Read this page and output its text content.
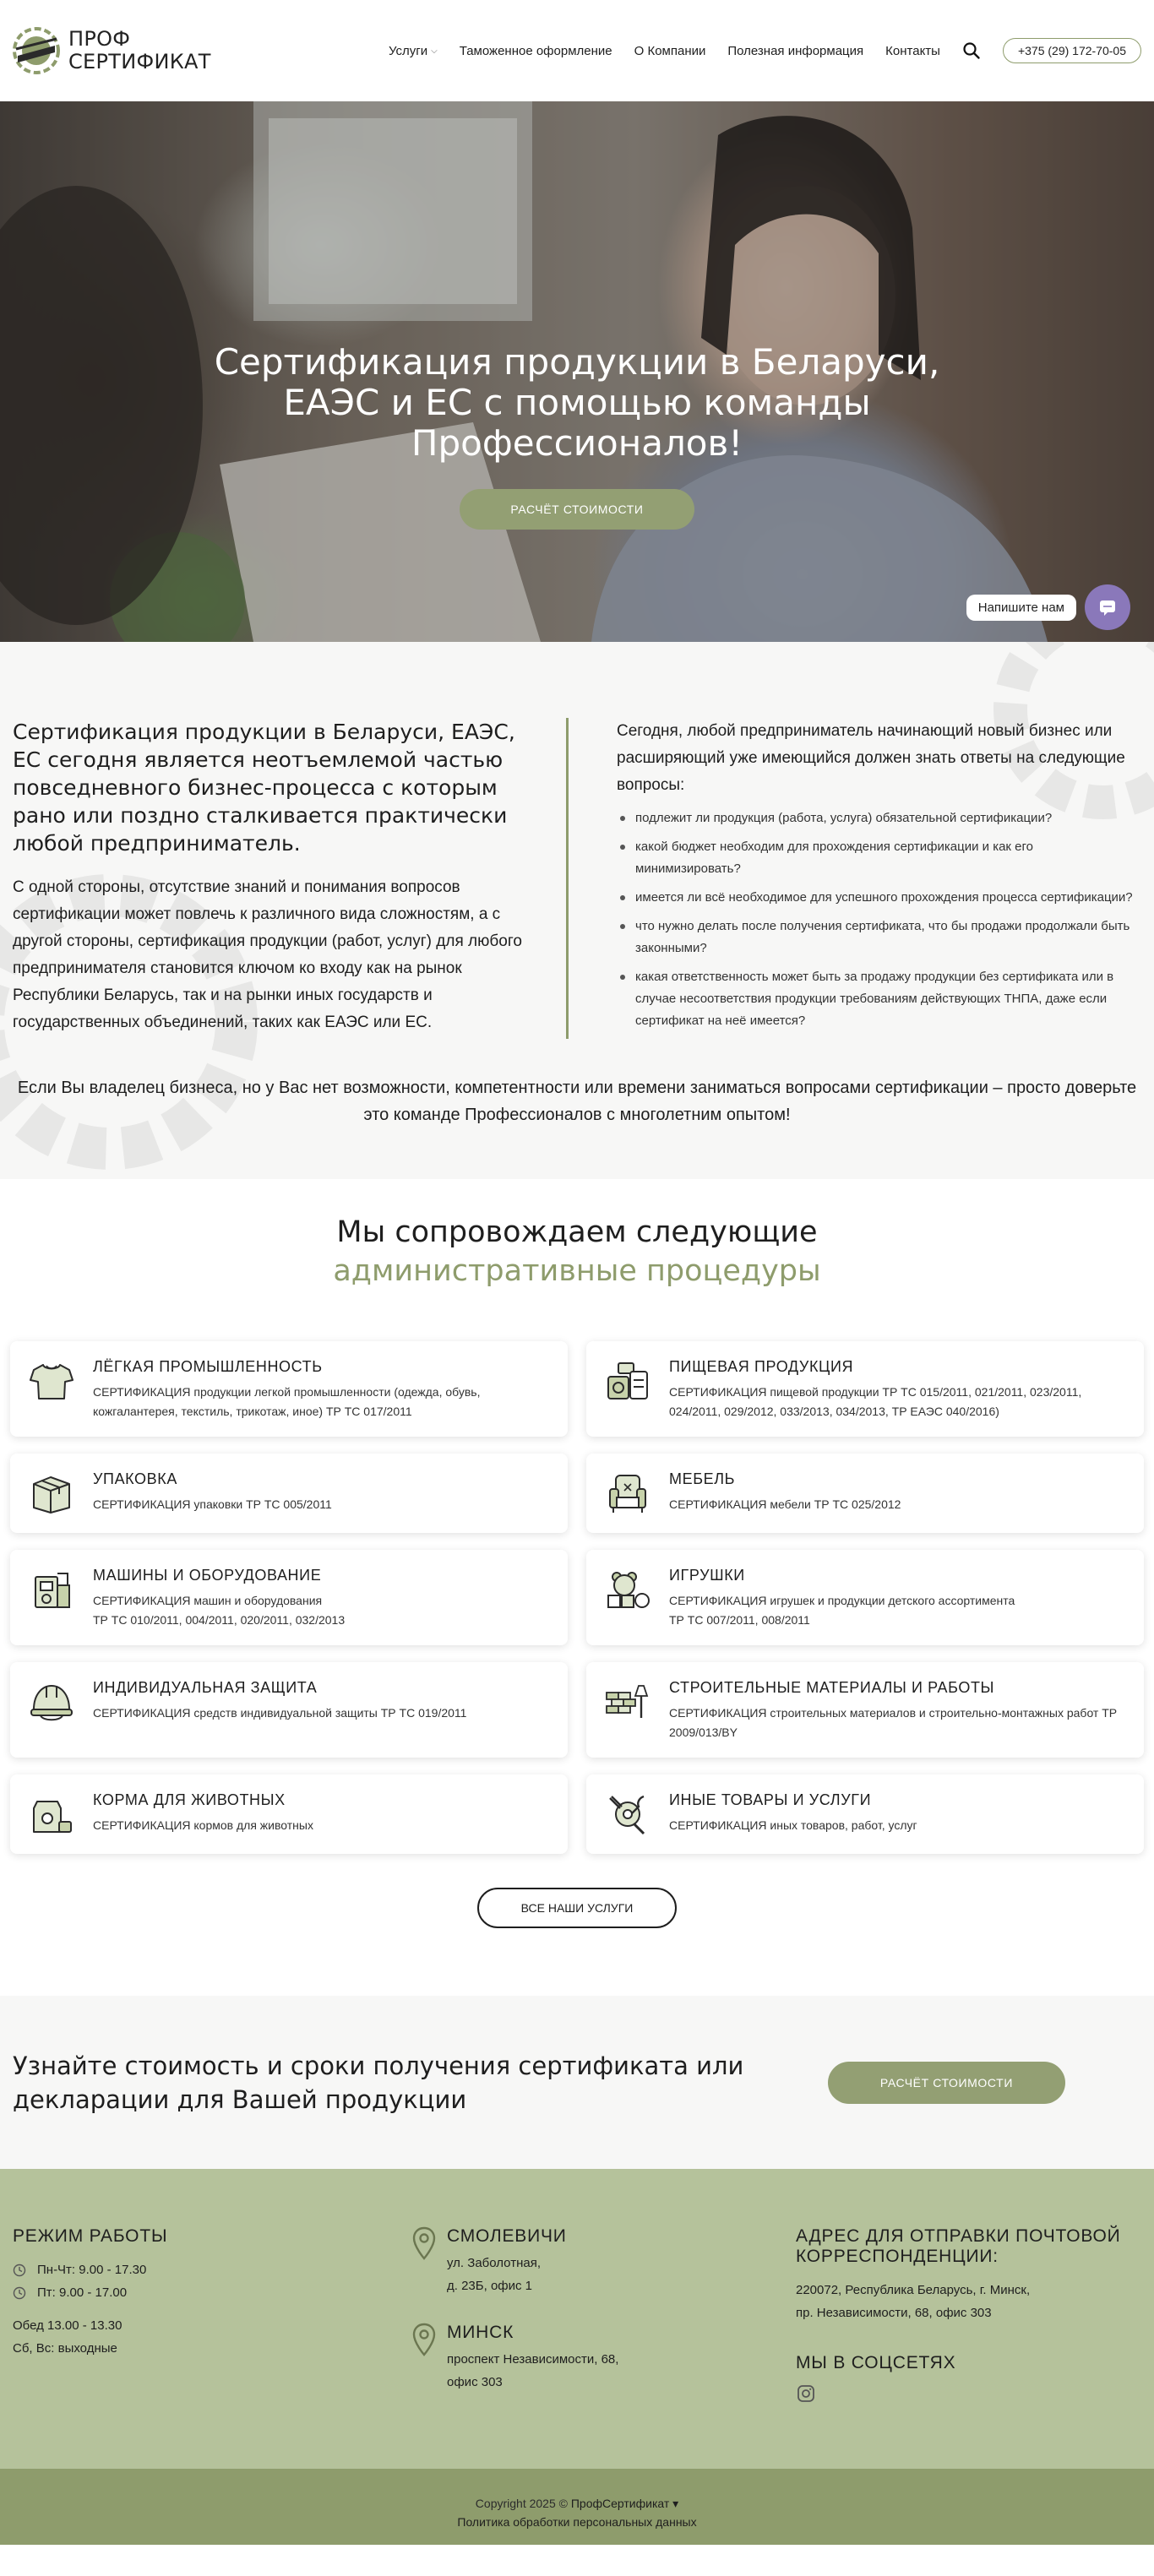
ПРОФ
СЕРТИФИКАТ	Услуги ⌵ Таможенное оформление О Компании Полезная информация Контакты	+375 (29) 172-70-05
Сертификация продукции в Беларуси, ЕАЭС и ЕС с помощью команды Профессионалов!
РАСЧЁТ СТОИМОСТИ
Напишите нам
Сертификация продукции в Беларуси, ЕАЭС, ЕС сегодня является неотъемлемой частью повседневного бизнес-процесса с которым рано или поздно сталкивается практически любой предприниматель.

С одной стороны, отсутствие знаний и понимания вопросов сертификации может повлечь к различного вида сложностям, а с другой стороны, сертификация продукции (работ, услуг) для любого предпринимателя становится ключом ко входу как на рынок Республики Беларусь, так и на рынки иных государств и государственных объединений, таких как ЕАЭС или ЕС.

Сегодня, любой предприниматель начинающий новый бизнес или расширяющий уже имеющийся должен знать ответы на следующие вопросы:

подлежит ли продукция (работа, услуга) обязательной сертификации?
какой бюджет необходим для прохождения сертификации и как его минимизировать?
имеется ли всё необходимое для успешного прохождения процесса сертификации?
что нужно делать после получения сертификата, что бы продажи продолжали быть законными?
какая ответственность может быть за продажу продукции без сертификата или в случае несоответствия продукции требованиям действующих ТНПА, даже если сертификат на неё имеется?

Если Вы владелец бизнеса, но у Вас нет возможности, компетентности или времени заниматься вопросами сертификации – просто доверьте это команде Профессионалов с многолетним опытом!

Мы сопровождаем следующие
административные процедуры
ЛЁГКАЯ ПРОМЫШЛЕННОСТЬ
СЕРТИФИКАЦИЯ продукции легкой промышленности (одежда, обувь, кожгалантерея, текстиль, трикотаж, иное) ТР ТС 017/2011
ПИЩЕВАЯ ПРОДУКЦИЯ
СЕРТИФИКАЦИЯ пищевой продукции ТР ТС 015/2011, 021/2011, 023/2011, 024/2011, 029/2012, 033/2013, 034/2013, ТР ЕАЭС 040/2016)
УПАКОВКА
СЕРТИФИКАЦИЯ упаковки ТР ТС 005/2011
МЕБЕЛЬ
СЕРТИФИКАЦИЯ мебели ТР ТС 025/2012
МАШИНЫ И ОБОРУДОВАНИЕ
СЕРТИФИКАЦИЯ машин и оборудования
ТР ТС 010/2011, 004/2011, 020/2011, 032/2013
ИГРУШКИ
СЕРТИФИКАЦИЯ игрушек и продукции детского ассортимента
ТР ТС 007/2011, 008/2011
ИНДИВИДУАЛЬНАЯ ЗАЩИТА
СЕРТИФИКАЦИЯ средств индивидуальной защиты ТР ТС 019/2011
СТРОИТЕЛЬНЫЕ МАТЕРИАЛЫ И РАБОТЫ
СЕРТИФИКАЦИЯ строительных материалов и строительно-монтажных работ ТР 2009/013/BY
КОРМА ДЛЯ ЖИВОТНЫХ
СЕРТИФИКАЦИЯ кормов для животных
ИНЫЕ ТОВАРЫ И УСЛУГИ
СЕРТИФИКАЦИЯ иных товаров, работ, услуг
ВСЕ НАШИ УСЛУГИ
Узнайте стоимость и сроки получения сертификата или декларации для Вашей продукции
РАСЧЁТ СТОИМОСТИ
РЕЖИМ РАБОТЫ
Пн-Чт: 9.00 - 17.30
Пт: 9.00 - 17.00
Обед 13.00 - 13.30
Сб, Вс: выходные
СМОЛЕВИЧИ
ул. Заболотная,
д. 23Б, офис 1
МИНСК
проспект Независимости, 68,
офис 303
АДРЕС ДЛЯ ОТПРАВКИ ПОЧТОВОЙ КОРРЕСПОНДЕНЦИИ:
220072, Республика Беларусь, г. Минск,
пр. Независимости, 68, офис 303
МЫ В СОЦСЕТЯХ
Copyright 2025 © ПрофСертификат ▾
Политика обработки персональных данных
